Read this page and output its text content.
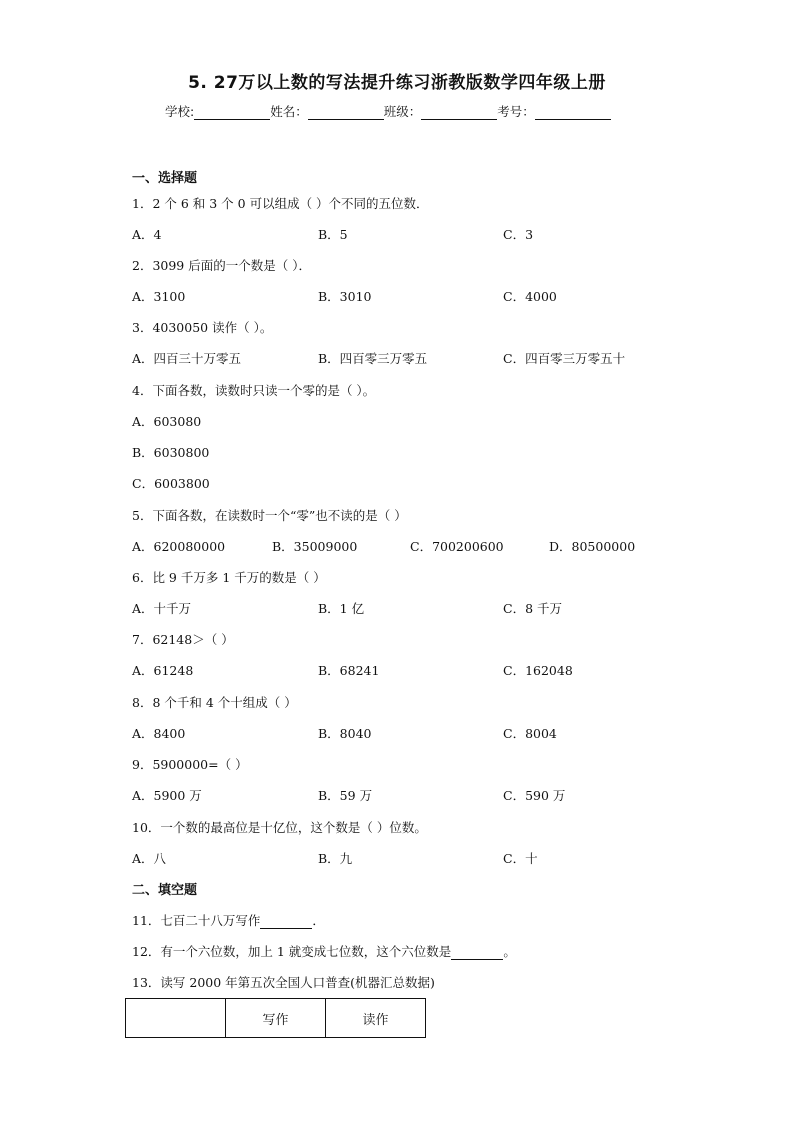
5. 27万以上数的写法提升练习浙教版数学四年级上册
学校:	姓名：	班级：	考号：
一、选择题
1．2 个 6 和 3 个 0 可以组成（ ）个不同的五位数．
A．4	B．5	C．3
2．3099 后面的一个数是（ ）．
A．3100	B．3010	C．4000
3．4030050 读作（ ）。
A．四百三十万零五	B．四百零三万零五	C．四百零三万零五十
4．下面各数，读数时只读一个零的是（ ）。
A．603080
B．6030800
C．6003800
5．下面各数，在读数时一个“零”也不读的是（ ）
A．620080000	B．35009000	C．700200600	D．80500000
6．比 9 千万多 1 千万的数是（ ）
A．十千万	B．1 亿	C．8 千万
7．62148＞（ ）
A．61248	B．68241	C．162048
8．8 个千和 4 个十组成（ ）
A．8400	B．8040	C．8004
9．5900000=（ ）
A．5900 万	B．59 万	C．590 万
10．一个数的最高位是十亿位，这个数是（ ）位数。
A．八	B．九	C．十
二、填空题
11．七百二十八万写作	．
12．有一个六位数，加上 1 就变成七位数，这个六位数是	。
13．读写 2000 年第五次全国人口普查(机器汇总数据)
	写作	读作
